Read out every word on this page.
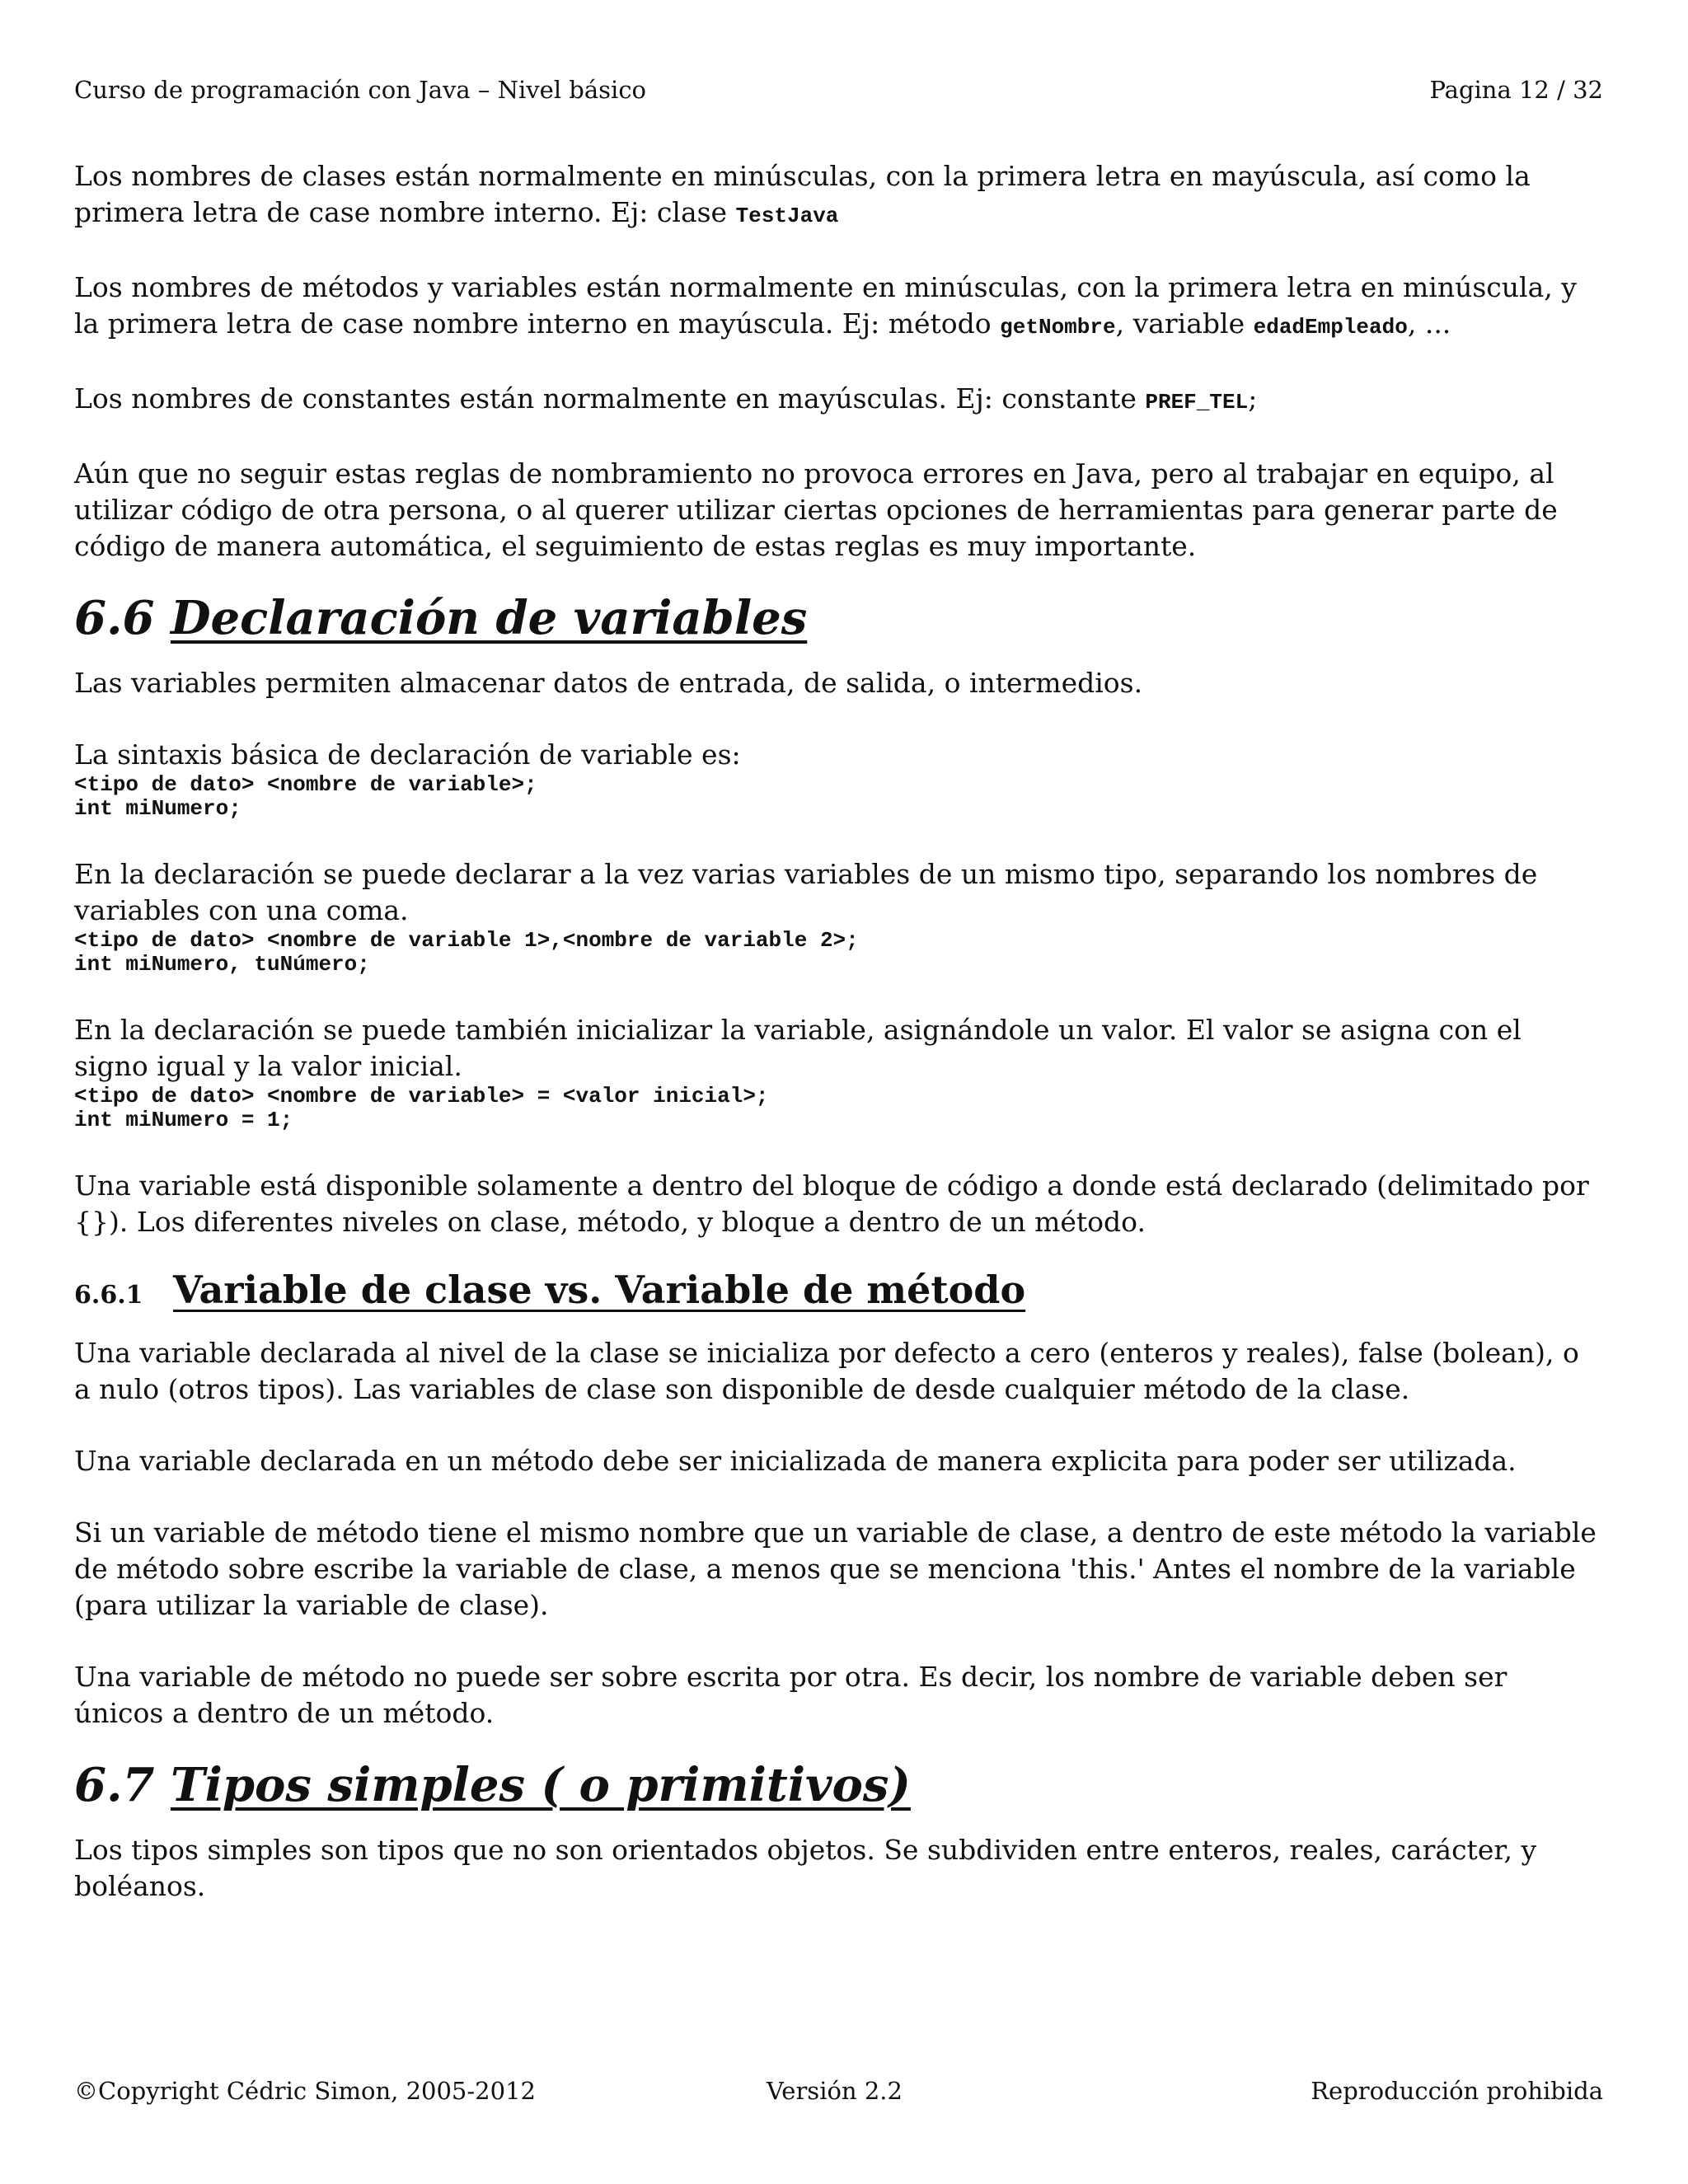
Curso de programación con Java – Nivel básico	Pagina 12 / 32

Los nombres de clases están normalmente en minúsculas, con la primera letra en mayúscula, así como la primera letra de case nombre interno. Ej: clase TestJava

Los nombres de métodos y variables están normalmente en minúsculas, con la primera letra en minúscula, y la primera letra de case nombre interno en mayúscula. Ej: método getNombre, variable edadEmpleado, ...

Los nombres de constantes están normalmente en mayúsculas. Ej: constante PREF_TEL;

Aún que no seguir estas reglas de nombramiento no provoca errores en Java, pero al trabajar en equipo, al utilizar código de otra persona, o al querer utilizar ciertas opciones de herramientas para generar parte de código de manera automática, el seguimiento de estas reglas es muy importante.

6.6 Declaración de variables

Las variables permiten almacenar datos de entrada, de salida, o intermedios.

La sintaxis básica de declaración de variable es:

<tipo de dato> <nombre de variable>;
int miNumero;

En la declaración se puede declarar a la vez varias variables de un mismo tipo, separando los nombres de variables con una coma.

<tipo de dato> <nombre de variable 1>,<nombre de variable 2>;
int miNumero, tuNúmero;

En la declaración se puede también inicializar la variable, asignándole un valor. El valor se asigna con el signo igual y la valor inicial.

<tipo de dato> <nombre de variable> = <valor inicial>;
int miNumero = 1;

Una variable está disponible solamente a dentro del bloque de código a donde está declarado (delimitado por {}). Los diferentes niveles on clase, método, y bloque a dentro de un método.

6.6.1 Variable de clase vs. Variable de método

Una variable declarada al nivel de la clase se inicializa por defecto a cero (enteros y reales), false (bolean), o a nulo (otros tipos). Las variables de clase son disponible de desde cualquier método de la clase.

Una variable declarada en un método debe ser inicializada de manera explicita para poder ser utilizada.

Si un variable de método tiene el mismo nombre que un variable de clase, a dentro de este método la variable de método sobre escribe la variable de clase, a menos que se menciona 'this.' Antes el nombre de la variable (para utilizar la variable de clase).

Una variable de método no puede ser sobre escrita por otra. Es decir, los nombre de variable deben ser únicos a dentro de un método.

6.7 Tipos simples ( o primitivos)

Los tipos simples son tipos que no son orientados objetos. Se subdividen entre enteros, reales, carácter, y boléanos.

©Copyright Cédric Simon, 2005-2012	Versión 2.2	Reproducción prohibida
